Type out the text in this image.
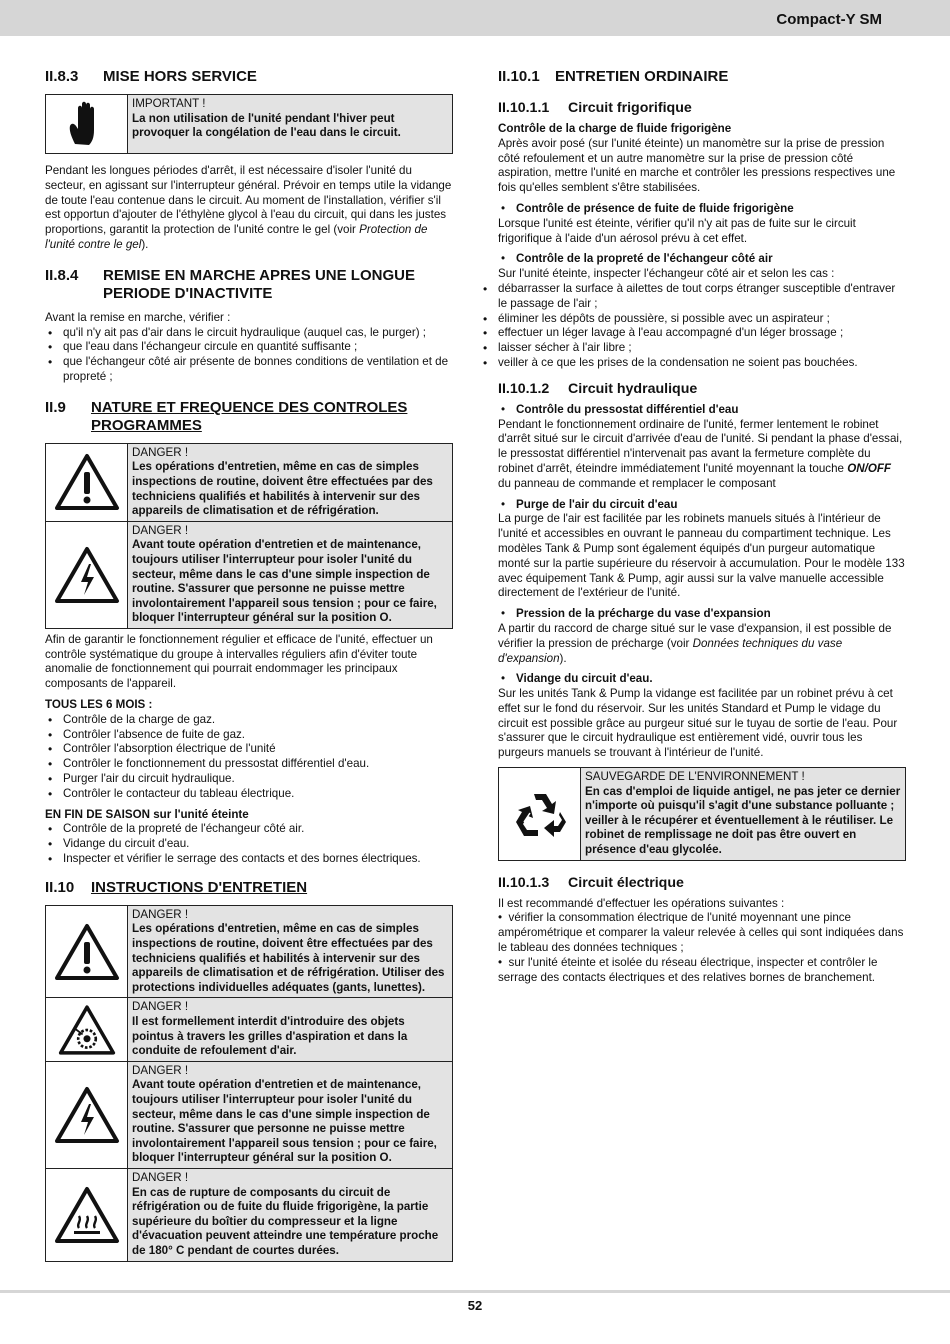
Compact-Y SM
II.8.3	MISE HORS SERVICE

IMPORTANT !
La non utilisation de l'unité pendant l'hiver peut provoquer la congélation de l'eau dans le circuit.

Pendant les longues périodes d'arrêt, il est nécessaire d'isoler l'unité du secteur, en agissant sur l'interrupteur général. Prévoir en temps utile la vidange de toute l'eau contenue dans le circuit. Au moment de l'installation, vérifier s'il est opportun d'ajouter de l'éthylène glycol à l'eau du circuit, qui dans les justes proportions, garantit la protection de l'unité contre le gel (voir Protection de l'unité contre le gel).

II.8.4	REMISE EN MARCHE APRES UNE LONGUE PERIODE D'INACTIVITE

Avant la remise en marche, vérifier :

• qu'il n'y ait pas d'air dans le circuit hydraulique (auquel cas, le purger) ;
• que l'eau dans l'échangeur circule en quantité suffisante ;
• que l'échangeur côté air présente de bonnes conditions de ventilation et de propreté ;
II.9	NATURE ET FREQUENCE DES CONTROLES PROGRAMMES

DANGER !
Les opérations d'entretien, même en cas de simples inspections de routine, doivent être effectuées par des techniciens qualifiés et habilités à intervenir sur des appareils de climatisation et de réfrigération.

DANGER !
Avant toute opération d'entretien et de maintenance, toujours utiliser l'interrupteur pour isoler l'unité du secteur, même dans le cas d'une simple inspection de routine. S'assurer que personne ne puisse mettre involontairement l'appareil sous tension ; pour ce faire, bloquer l'interrupteur général sur la position O.

Afin de garantir le fonctionnement régulier et efficace de l'unité, effectuer un contrôle systématique du groupe à intervalles réguliers afin d'éviter toute anomalie de fonctionnement qui pourrait endommager les principaux composants de l'appareil.

TOUS LES 6 MOIS :
• Contrôle de la charge de gaz.
• Contrôler l'absence de fuite de gaz.
• Contrôler l'absorption électrique de l'unité
• Contrôler le fonctionnement du pressostat différentiel d'eau.
• Purger l'air du circuit hydraulique.
• Contrôler le contacteur du tableau électrique.
EN FIN DE SAISON sur l'unité éteinte
• Contrôle de la propreté de l'échangeur côté air.
• Vidange du circuit d'eau.
• Inspecter et vérifier le serrage des contacts et des bornes électriques.
II.10	INSTRUCTIONS D'ENTRETIEN

DANGER !
Les opérations d'entretien, même en cas de simples inspections de routine, doivent être effectuées par des techniciens qualifiés et habilités à intervenir sur des appareils de climatisation et de réfrigération. Utiliser des protections individuelles adéquates (gants, lunettes).

DANGER !
Il est formellement interdit d'introduire des objets pointus à travers les grilles d'aspiration et dans la conduite de refoulement d'air.

DANGER !
Avant toute opération d'entretien et de maintenance, toujours utiliser l'interrupteur pour isoler l'unité du secteur, même dans le cas d'une simple inspection de routine. S'assurer que personne ne puisse mettre involontairement l'appareil sous tension ; pour ce faire, bloquer l'interrupteur général sur la position O.

DANGER !
En cas de rupture de composants du circuit de réfrigération ou de fuite du fluide frigorigène, la partie supérieure du boîtier du compresseur et la ligne d'évacuation peuvent atteindre une température proche de 180° C pendant de courtes durées.
II.10.1	ENTRETIEN ORDINAIRE
II.10.1.1	Circuit frigorifique
Contrôle de la charge de fluide frigorigène

Après avoir posé (sur l'unité éteinte) un manomètre sur la prise de pression côté refoulement et un autre manomètre sur la prise de pression côté aspiration, mettre l'unité en marche et contrôler les pressions respectives une fois qu'elles semblent s'être stabilisées.

• Contrôle de présence de fuite de fluide frigorigène

Lorsque l'unité est éteinte, vérifier qu'il n'y ait pas de fuite sur le circuit frigorifique à l'aide d'un aérosol prévu à cet effet.

• Contrôle de la propreté de l'échangeur côté air

Sur l'unité éteinte, inspecter l'échangeur côté air et selon les cas :

• débarrasser la surface à ailettes de tout corps étranger susceptible d'entraver le passage de l'air ;
• éliminer les dépôts de poussière, si possible avec un aspirateur ;
• effectuer un léger lavage à l'eau accompagné d'un léger brossage ;
• laisser sécher à l'air libre ;
• veiller à ce que les prises de la condensation ne soient pas bouchées.
II.10.1.2	Circuit hydraulique
• Contrôle du pressostat différentiel d'eau

Pendant le fonctionnement ordinaire de l'unité, fermer lentement le robinet d'arrêt situé sur le circuit d'arrivée d'eau de l'unité. Si pendant la phase d'essai, le pressostat différentiel n'intervenait pas avant la fermeture complète du robinet d'arrêt, éteindre immédiatement l'unité moyennant la touche ON/OFF du panneau de commande et remplacer le composant

• Purge de l'air du circuit d'eau

La purge de l'air est facilitée par les robinets manuels situés à l'intérieur de l'unité et accessibles en ouvrant le panneau du compartiment technique. Les modèles Tank & Pump sont également équipés d'un purgeur automatique monté sur la partie supérieure du réservoir à accumulation. Pour le modèle 133 avec équipement Tank & Pump, agir aussi sur la valve manuelle accessible directement de l'extérieur de l'unité.

• Pression de la précharge du vase d'expansion

A partir du raccord de charge situé sur le vase d'expansion, il est possible de vérifier la pression de précharge (voir Données techniques du vase d'expansion).

• Vidange du circuit d'eau.

Sur les unités Tank & Pump la vidange est facilitée par un robinet prévu à cet effet sur le fond du réservoir. Sur les unités Standard et Pump le vidage du circuit est possible grâce au purgeur situé sur le tuyau de sortie de l'eau. Pour s'assurer que le circuit hydraulique est entièrement vidé, ouvrir tous les purgeurs manuels se trouvant à l'intérieur de l'unité.

SAUVEGARDE DE L'ENVIRONNEMENT !
En cas d'emploi de liquide antigel, ne pas jeter ce dernier n'importe où puisqu'il s'agit d'une substance polluante ; veiller à le récupérer et éventuellement à le réutiliser. Le robinet de remplissage ne doit pas être ouvert en présence d'eau glycolée.
II.10.1.3	Circuit électrique

Il est recommandé d'effectuer les opérations suivantes :

•  vérifier la consommation électrique de l'unité moyennant une pince ampérométrique et comparer la valeur relevée à celles qui sont indiquées dans le tableau des données techniques ;

•  sur l'unité éteinte et isolée du réseau électrique, inspecter et contrôler le serrage des contacts électriques et des relatives bornes de branchement.

52
